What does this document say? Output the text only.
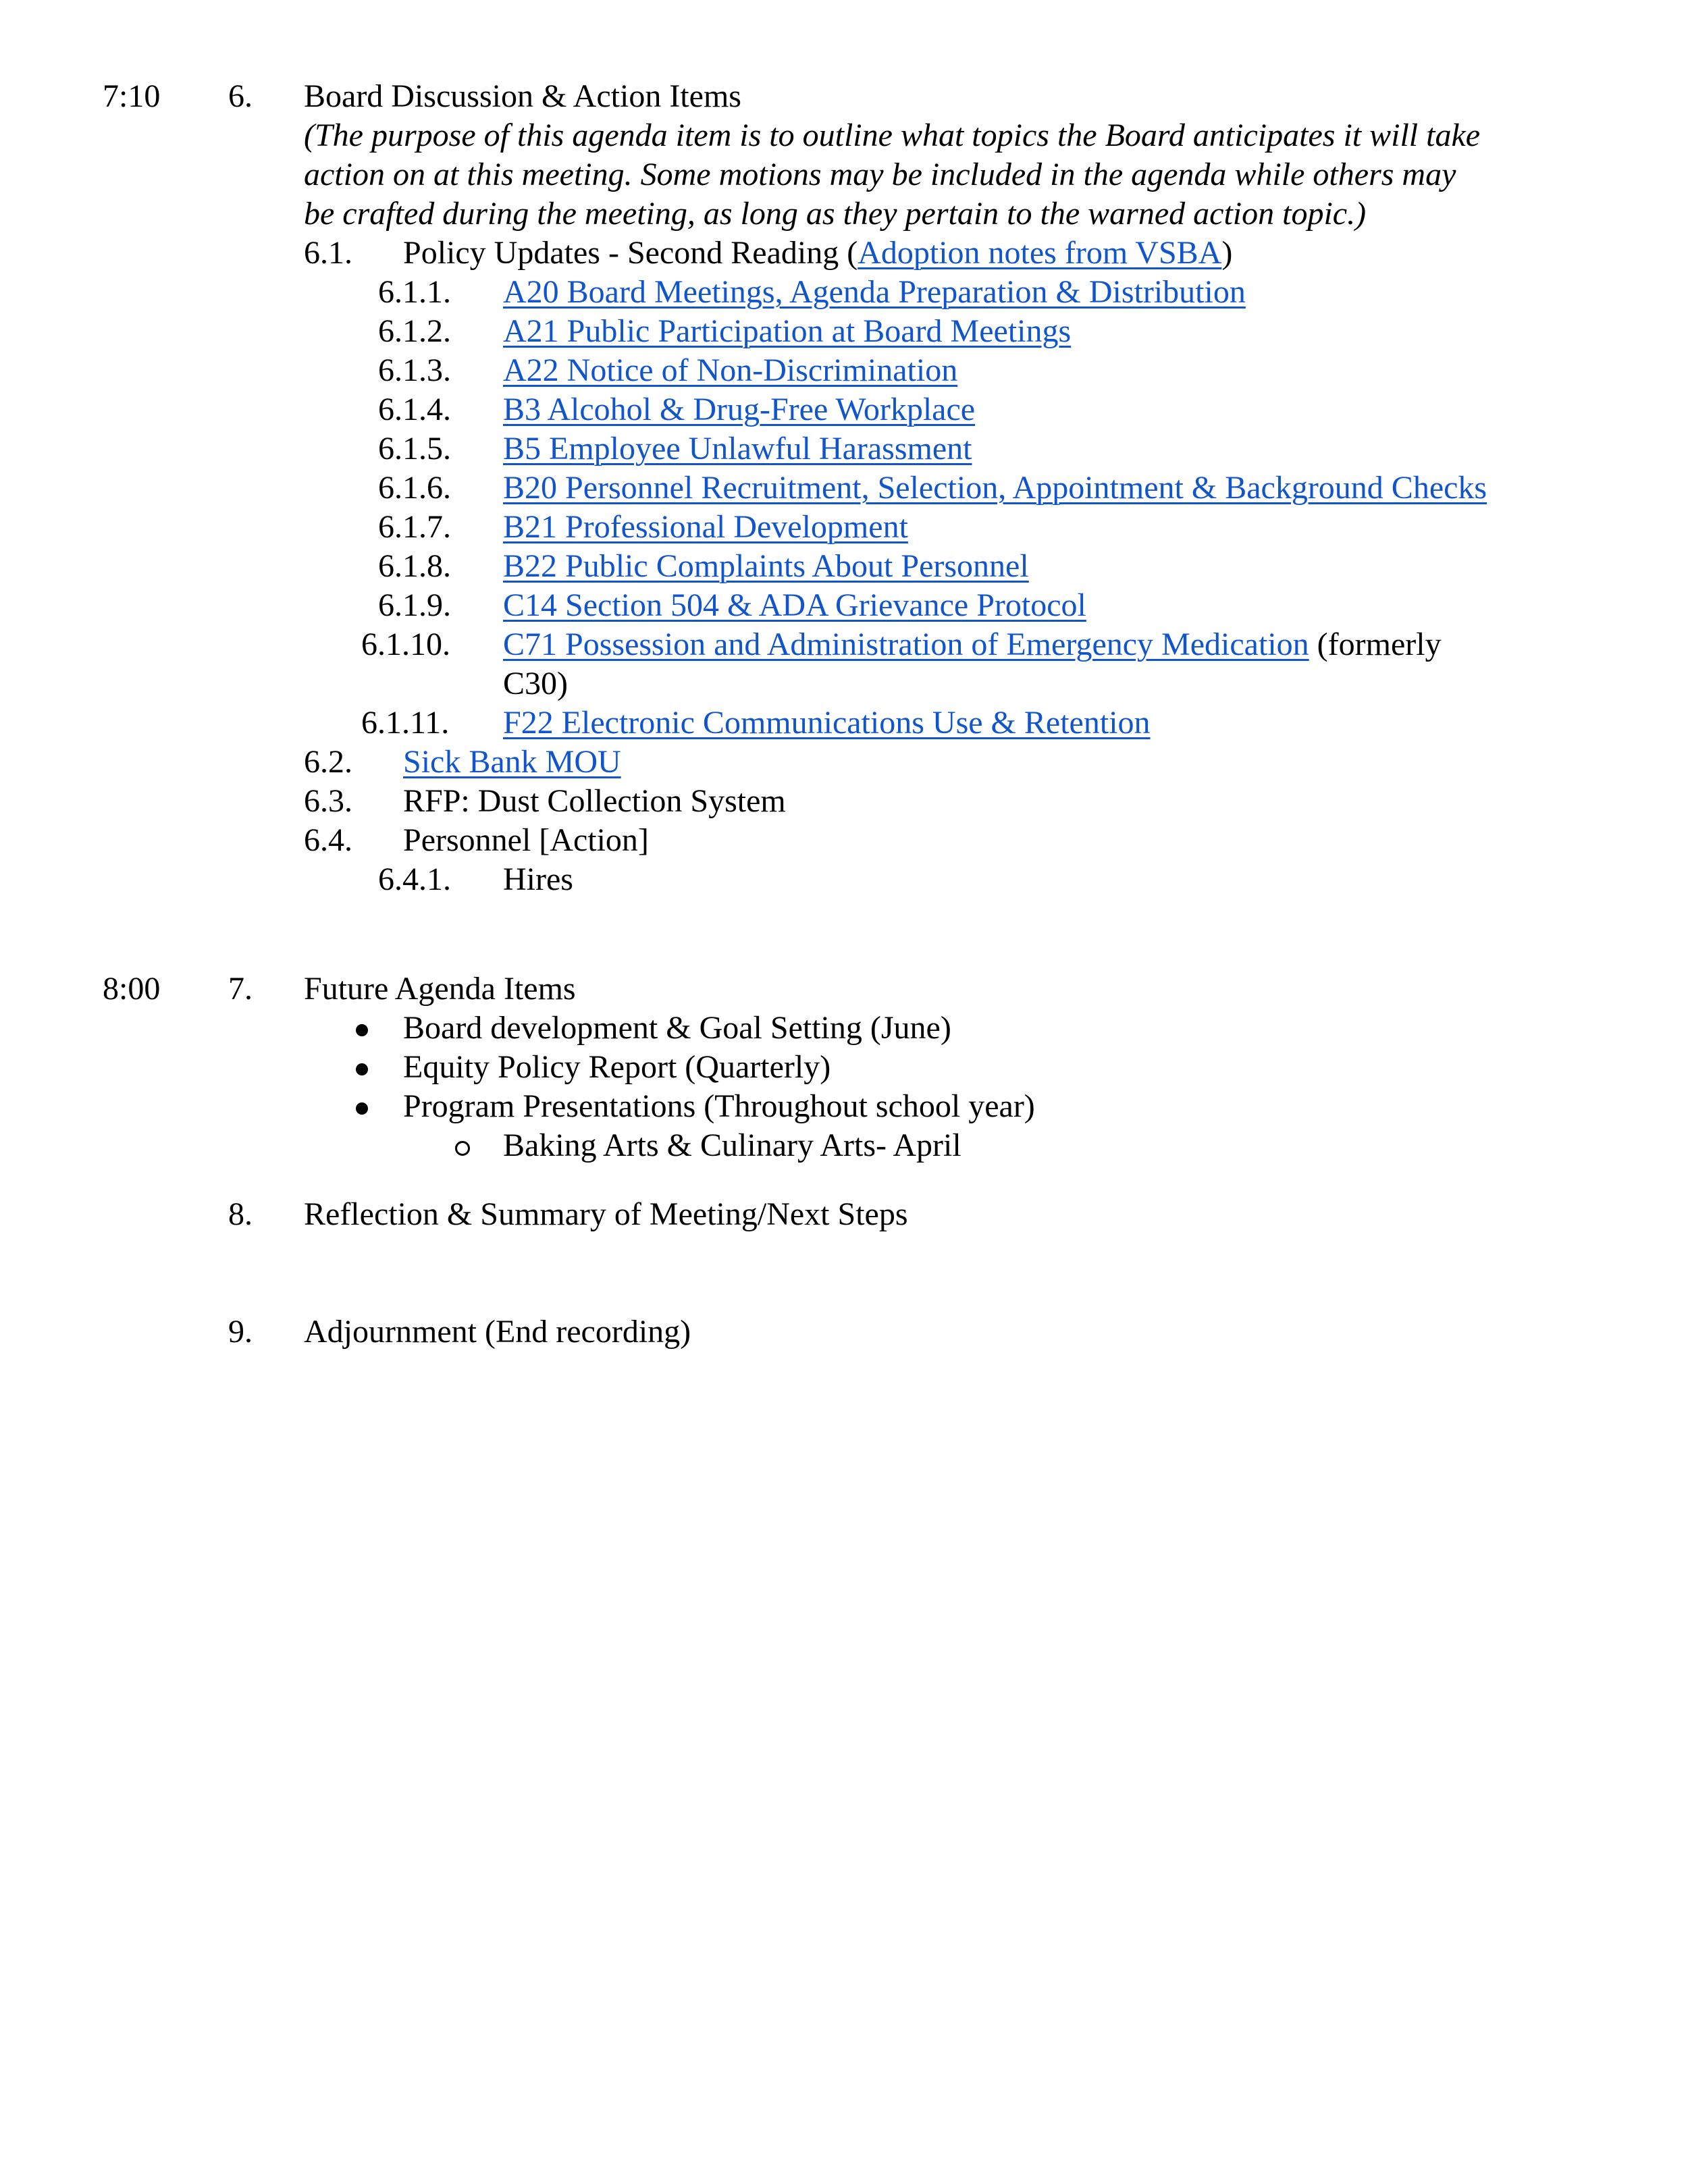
7:10 6. Board Discussion & Action Items
(The purpose of this agenda item is to outline what topics the Board anticipates it will take
action on at this meeting. Some motions may be included in the agenda while others may
be crafted during the meeting, as long as they pertain to the warned action topic.)
6.1. Policy Updates - Second Reading (Adoption notes from VSBA)
6.1.1. A20 Board Meetings, Agenda Preparation & Distribution
6.1.2. A21 Public Participation at Board Meetings
6.1.3. A22 Notice of Non-Discrimination
6.1.4. B3 Alcohol & Drug-Free Workplace
6.1.5. B5 Employee Unlawful Harassment
6.1.6. B20 Personnel Recruitment, Selection, Appointment & Background Checks
6.1.7. B21 Professional Development
6.1.8. B22 Public Complaints About Personnel
6.1.9. C14 Section 504 & ADA Grievance Protocol
6.1.10. C71 Possession and Administration of Emergency Medication (formerly
C30)
6.1.11. F22 Electronic Communications Use & Retention
6.2. Sick Bank MOU
6.3. RFP: Dust Collection System
6.4. Personnel [Action]
6.4.1. Hires
8:00 7. Future Agenda Items
Board development & Goal Setting (June)
Equity Policy Report (Quarterly)
Program Presentations (Throughout school year)
Baking Arts & Culinary Arts- April
8. Reflection & Summary of Meeting/Next Steps
9. Adjournment (End recording)
